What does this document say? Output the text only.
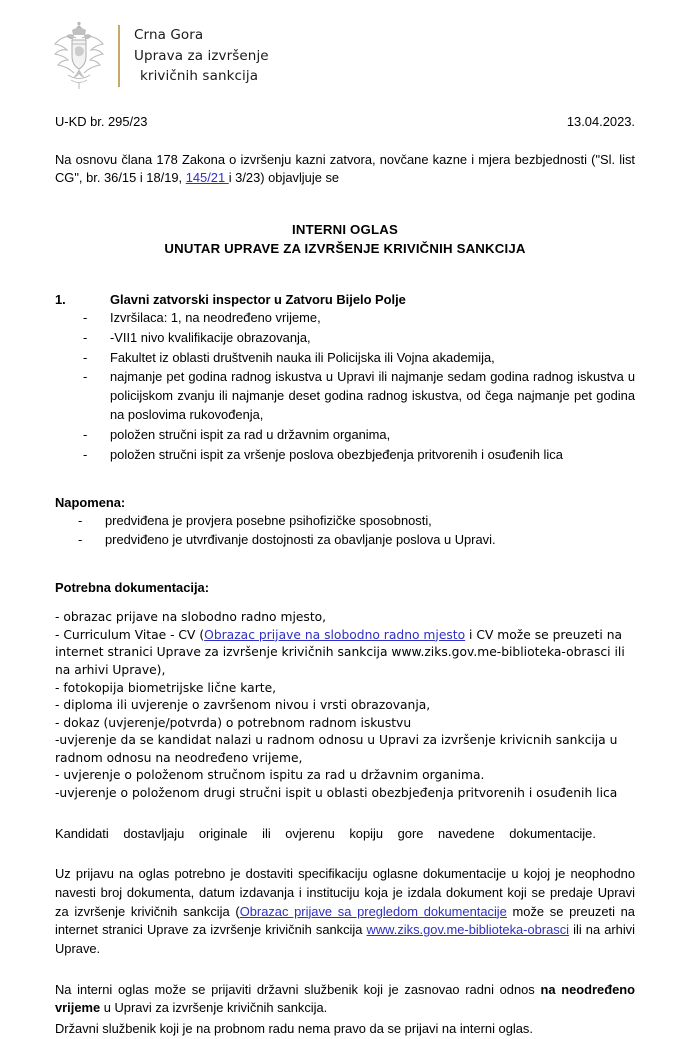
Crna Gora
Uprava za izvršenje
krivičnih sankcija
U-KD br. 295/23	13.04.2023.
Na osnovu člana 178 Zakona o izvršenju kazni zatvora, novčane kazne i mjera bezbjednosti ("Sl. list CG", br. 36/15 i 18/19, 145/21 i 3/23) objavljuje se
INTERNI OGLAS
UNUTAR UPRAVE ZA IZVRŠENJE KRIVIČNIH SANKCIJA
1.	Glavni zatvorski inspector u Zatvoru Bijelo Polje
- Izvršilaca: 1, na neodređeno vrijeme,
- -VII1 nivo kvalifikacije obrazovanja,
- Fakultet iz oblasti društvenih nauka ili Policijska ili Vojna akademija,
- najmanje pet godina radnog iskustva u Upravi ili najmanje sedam godina radnog iskustva u policijskom zvanju ili najmanje deset godina radnog iskustva, od čega najmanje pet godina na poslovima rukovođenja,
- položen stručni ispit za rad u državnim organima,
- položen stručni ispit za vršenje poslova obezbjeđenja pritvorenih i osuđenih lica
Napomena:
- predviđena je provjera posebne psihofizičke sposobnosti,
- predviđeno je utvrđivanje dostojnosti za obavljanje poslova u Upravi.
Potrebna dokumentacija:
- obrazac prijave na slobodno radno mjesto,
- Curriculum Vitae - CV (Obrazac prijave na slobodno radno mjesto i CV može se preuzeti na internet stranici Uprave za izvršenje krivičnih sankcija www.ziks.gov.me-biblioteka-obrasci ili na arhivi Uprave),
- fotokopija biometrijske lične karte,
- diploma ili uvjerenje o završenom nivou i vrsti obrazovanja,
- dokaz (uvjerenje/potvrda) o potrebnom radnom iskustvu
-uvjerenje da se kandidat nalazi u radnom odnosu u Upravi za izvršenje krivicnih sankcija u radnom odnosu na neodređeno vrijeme,
- uvjerenje o položenom stručnom ispitu za rad u državnim organima.
-uvjerenje o položenom drugi stručni ispit u oblasti obezbjeđenja pritvorenih i osuđenih lica
Kandidati dostavljaju originale ili ovjerenu kopiju gore navedene dokumentacije.
Uz prijavu na oglas potrebno je dostaviti specifikaciju oglasne dokumentacije u kojoj je neophodno navesti broj dokumenta, datum izdavanja i instituciju koja je izdala dokument koji se predaje Upravi za izvršenje krivičnih sankcija (Obrazac prijave sa pregledom dokumentacije može se preuzeti na internet stranici Uprave za izvršenje krivičnih sankcija www.ziks.gov.me-biblioteka-obrasci ili na arhivi Uprave.
Na interni oglas može se prijaviti državni službenik koji je zasnovao radni odnos na neodređeno vrijeme u Upravi za izvršenje krivičnih sankcija.
Državni službenik koji je na probnom radu nema pravo da se prijavi na interni oglas.
